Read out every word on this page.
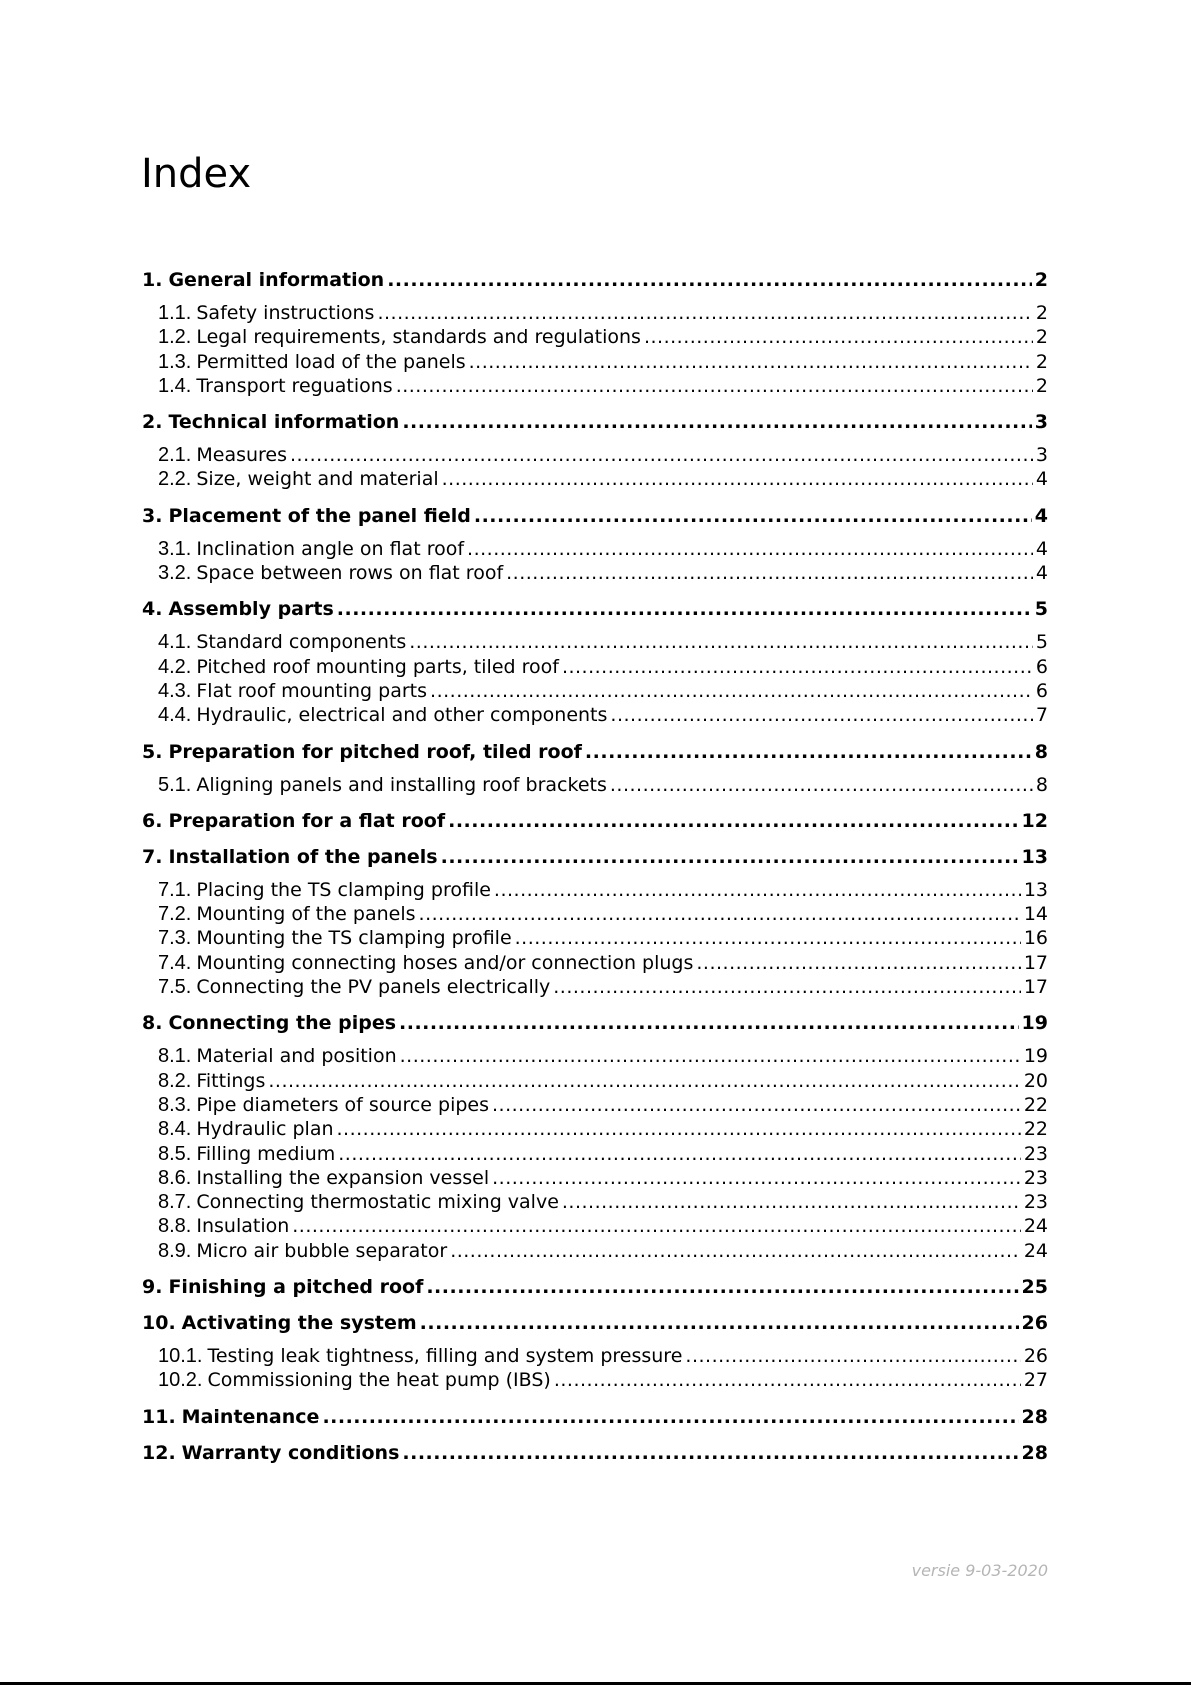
Index
1. General information .....	2
1.1. Safety instructions .....	2
1.2. Legal requirements, standards and regulations .....	2
1.3. Permitted load of the panels .....	2
1.4. Transport reguations .....	2
2. Technical information .....	3
2.1. Measures .....	3
2.2. Size, weight and material .....	4
3. Placement of the panel field .....	4
3.1. Inclination angle on flat roof .....	4
3.2. Space between rows on flat roof .....	4
4. Assembly parts .....	5
4.1. Standard components .....	5
4.2. Pitched roof mounting parts, tiled roof .....	6
4.3. Flat roof mounting parts .....	6
4.4. Hydraulic, electrical and other components .....	7
5. Preparation for pitched roof, tiled roof .....	8
5.1. Aligning panels and installing roof brackets .....	8
6. Preparation for a flat roof .....	12
7. Installation of the panels .....	13
7.1. Placing the TS clamping profile .....	13
7.2. Mounting of the panels .....	14
7.3. Mounting the TS clamping profile .....	16
7.4. Mounting connecting hoses and/or connection plugs .....	17
7.5. Connecting the PV panels electrically .....	17
8. Connecting the pipes .....	19
8.1. Material and position .....	19
8.2. Fittings .....	20
8.3. Pipe diameters of source pipes .....	22
8.4. Hydraulic plan .....	22
8.5. Filling medium .....	23
8.6. Installing the expansion vessel .....	23
8.7. Connecting thermostatic mixing valve .....	23
8.8. Insulation .....	24
8.9. Micro air bubble separator .....	24
9. Finishing a pitched roof .....	25
10. Activating the system .....	26
10.1. Testing leak tightness, filling and system pressure .....	26
10.2. Commissioning the heat pump (IBS) .....	27
11. Maintenance .....	28
12. Warranty conditions .....	28
versie 9-03-2020
